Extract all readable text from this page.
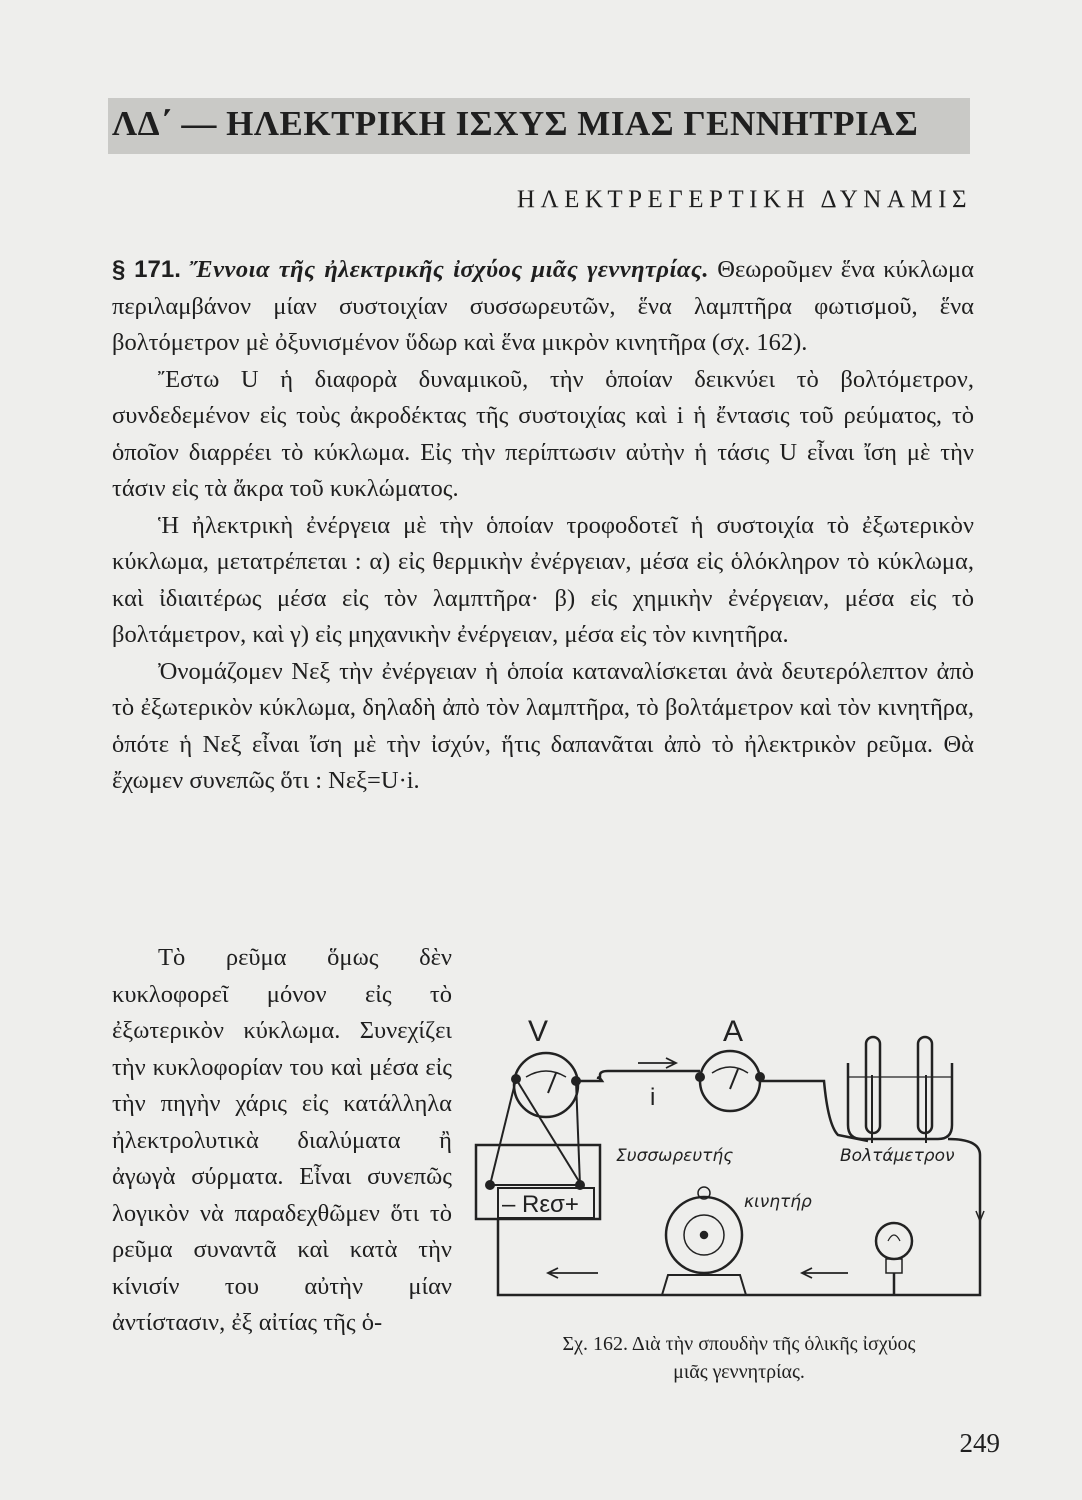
ΛΔ΄ — ΗΛΕΚΤΡΙΚΗ ΙΣΧΥΣ ΜΙΑΣ ΓΕΝΝΗΤΡΙΑΣ
ΗΛΕΚΤΡΕΓΕΡΤΙΚΗ ΔΥΝΑΜΙΣ

§ 171. Ἔννοια τῆς ἠλεκτρικῆς ἰσχύος μιᾶς γεννητρίας. Θεωροῦμεν ἕνα κύκλωμα περιλαμβάνον μίαν συστοιχίαν συσσωρευτῶν, ἕνα λαμπτῆρα φωτισμοῦ, ἕνα βολτόμετρον μὲ ὀξυνισμένον ὕδωρ καὶ ἕνα μικρὸν κινητῆρα (σχ. 162).

Ἔστω U ἡ διαφορὰ δυναμικοῦ, τὴν ὁποίαν δεικνύει τὸ βολτόμετρον, συνδεδεμένον εἰς τοὺς ἀκροδέκτας τῆς συστοιχίας καὶ i ἡ ἔντασις τοῦ ρεύματος, τὸ ὁποῖον διαρρέει τὸ κύκλωμα. Εἰς τὴν περίπτωσιν αὐτὴν ἡ τάσις U εἶναι ἴση μὲ τὴν τάσιν εἰς τὰ ἄκρα τοῦ κυκλώματος.

Ἡ ἠλεκτρικὴ ἐνέργεια μὲ τὴν ὁποίαν τροφοδοτεῖ ἡ συστοιχία τὸ ἐξωτερικὸν κύκλωμα, μετατρέπεται : α) εἰς θερμικὴν ἐνέργειαν, μέσα εἰς ὁλόκληρον τὸ κύκλωμα, καὶ ἰδιαιτέρως μέσα εἰς τὸν λαμπτῆρα· β) εἰς χημικὴν ἐνέργειαν, μέσα εἰς τὸ βολτάμετρον, καὶ γ) εἰς μηχανικὴν ἐνέργειαν, μέσα εἰς τὸν κινητῆρα.

Ὀνομάζομεν Νεξ τὴν ἐνέργειαν ἡ ὁποία καταναλίσκεται ἀνὰ δευτερόλεπτον ἀπὸ τὸ ἐξωτερικὸν κύκλωμα, δηλαδὴ ἀπὸ τὸν λαμπτῆρα, τὸ βολτάμετρον καὶ τὸν κινητῆρα, ὁπότε ἡ Νεξ εἶναι ἴση μὲ τὴν ἰσχύν, ἥτις δαπανᾶται ἀπὸ τὸ ἠλεκτρικὸν ρεῦμα. Θὰ ἔχωμεν συνεπῶς ὅτι : Νεξ=U·i.

Τὸ ρεῦμα ὅμως δὲν κυκλοφορεῖ μόνον εἰς τὸ ἐξωτερικὸν κύκλωμα. Συνεχίζει τὴν κυκλοφορίαν του καὶ μέσα εἰς τὴν πηγὴν χάρις εἰς κατάλληλα ἠλεκτρολυτικὰ διαλύματα ἢ ἀγωγὰ σύρματα. Εἶναι συνεπῶς λογικὸν νὰ παραδεχθῶμεν ὅτι τὸ ρεῦμα συναντᾶ καὶ κατὰ τὴν κίνισίν του αὐτὴν μίαν ἀντίστασιν, ἐξ αἰτίας τῆς ὁ-

V	A
i
Συσσωρευτής	Βολτάμετρον
κινητήρ
– Rεσ+
Σχ. 162. Διὰ τὴν σπουδὴν τῆς ὁλικῆς ἰσχύος
μιᾶς γεννητρίας.
249
